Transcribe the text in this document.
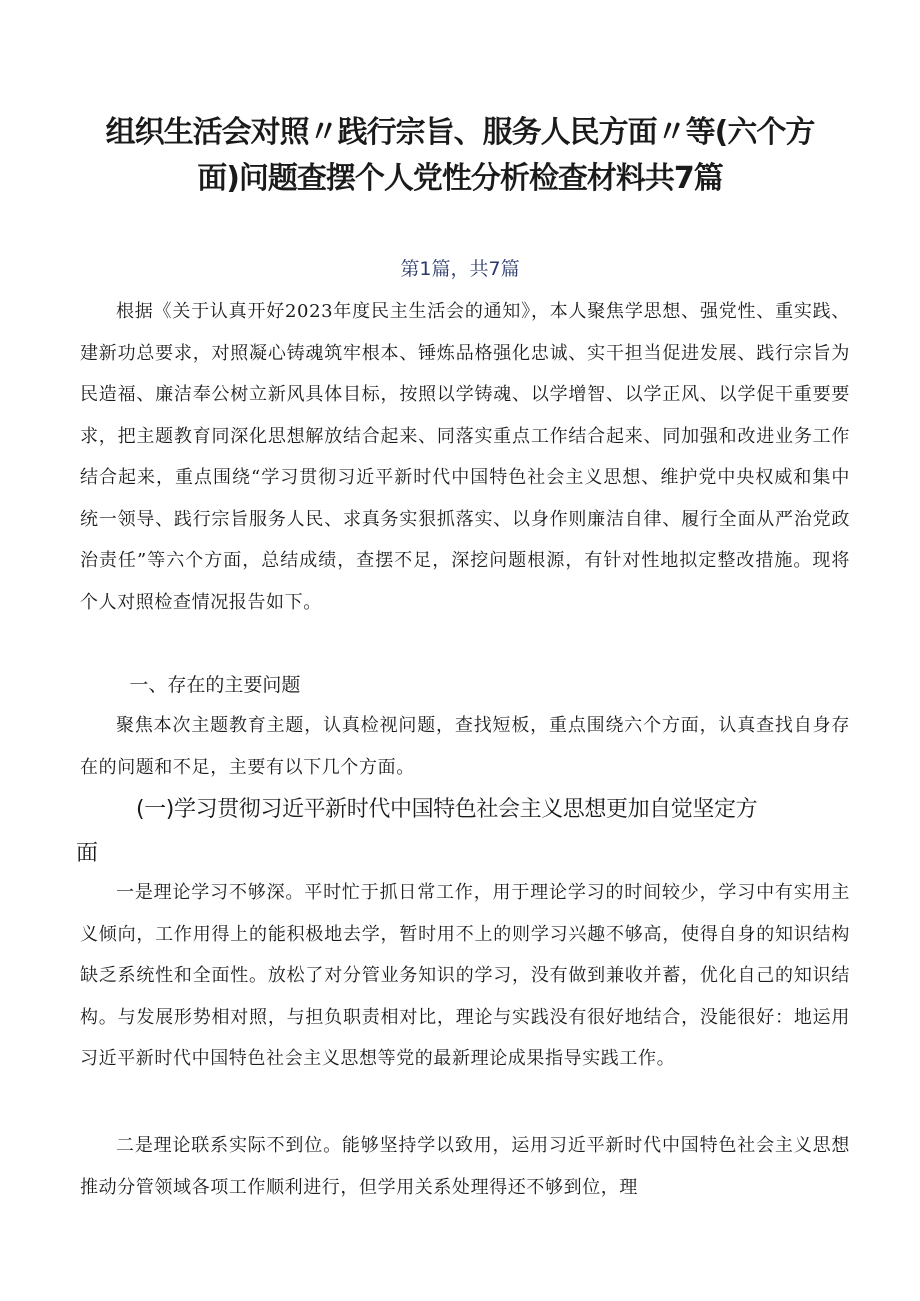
组织生活会对照〃践行宗旨、服务人民方面〃等(六个方面)问题查摆个人党性分析检查材料共7篇
第1篇，共7篇

根据《关于认真开好2023年度民主生活会的通知》，本人聚焦学思想、强党性、重实践、建新功总要求，对照凝心铸魂筑牢根本、锤炼品格强化忠诚、实干担当促进发展、践行宗旨为民造福、廉洁奉公树立新风具体目标，按照以学铸魂、以学增智、以学正风、以学促干重要要求，把主题教育同深化思想解放结合起来、同落实重点工作结合起来、同加强和改进业务工作结合起来，重点围绕“学习贯彻习近平新时代中国特色社会主义思想、维护党中央权威和集中统一领导、践行宗旨服务人民、求真务实狠抓落实、以身作则廉洁自律、履行全面从严治党政治责任”等六个方面，总结成绩，查摆不足，深挖问题根源，有针对性地拟定整改措施。现将个人对照检查情况报告如下。

一、存在的主要问题

聚焦本次主题教育主题，认真检视问题，查找短板，重点围绕六个方面，认真查找自身存在的问题和不足，主要有以下几个方面。

(一)学习贯彻习近平新时代中国特色社会主义思想更加自觉坚定方
面

一是理论学习不够深。平时忙于抓日常工作，用于理论学习的时间较少，学习中有实用主义倾向，工作用得上的能积极地去学，暂时用不上的则学习兴趣不够高，使得自身的知识结构缺乏系统性和全面性。放松了对分管业务知识的学习，没有做到兼收并蓄，优化自己的知识结构。与发展形势相对照，与担负职责相对比，理论与实践没有很好地结合，没能很好：地运用习近平新时代中国特色社会主义思想等党的最新理论成果指导实践工作。

二是理论联系实际不到位。能够坚持学以致用，运用习近平新时代中国特色社会主义思想推动分管领域各项工作顺利进行，但学用关系处理得还不够到位，理
